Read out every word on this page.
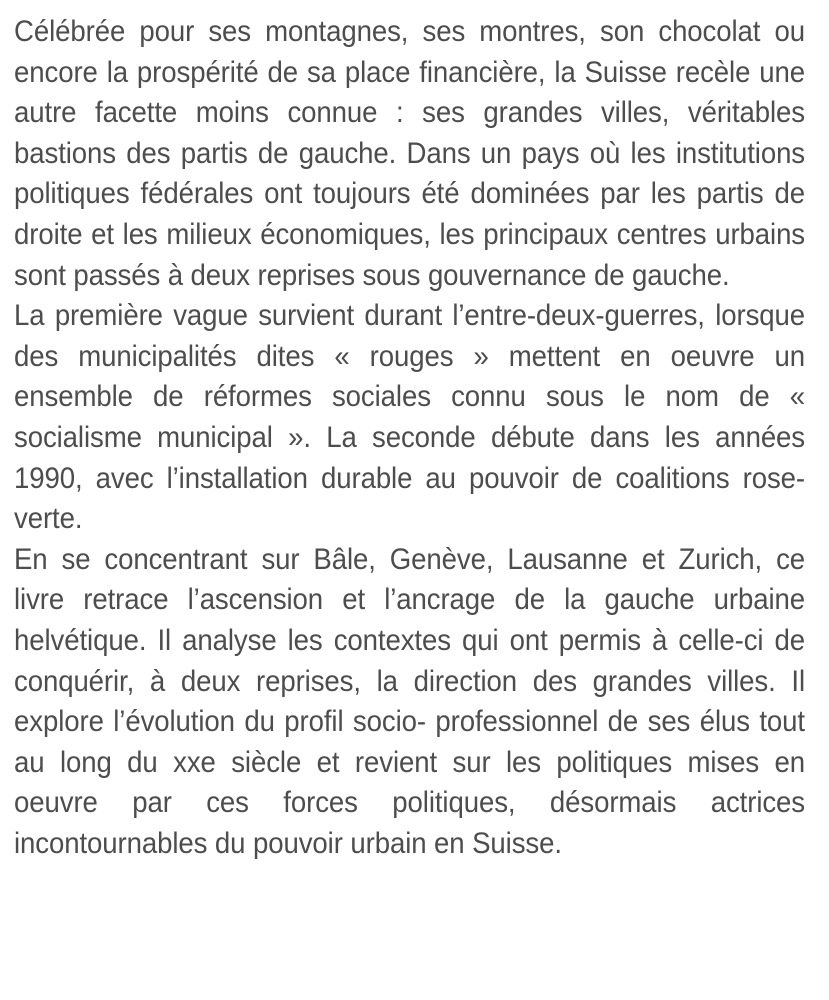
Célébrée pour ses montagnes, ses montres, son chocolat ou encore la prospérité de sa place financière, la Suisse recèle une autre facette moins connue : ses grandes villes, véritables bastions des partis de gauche. Dans un pays où les institutions politiques fédérales ont toujours été dominées par les partis de droite et les milieux économiques, les principaux centres urbains sont passés à deux reprises sous gouvernance de gauche.

La première vague survient durant l’entre-deux-guerres, lorsque des municipalités dites « rouges » mettent en oeuvre un ensemble de réformes sociales connu sous le nom de « socialisme municipal ». La seconde débute dans les années 1990, avec l’installation durable au pouvoir de coalitions rose-verte.

En se concentrant sur Bâle, Genève, Lausanne et Zurich, ce livre retrace l’ascension et l’ancrage de la gauche urbaine helvétique. Il analyse les contextes qui ont permis à celle-ci de conquérir, à deux reprises, la direction des grandes villes. Il explore l’évolution du profil socio- professionnel de ses élus tout au long du xxe siècle et revient sur les politiques mises en oeuvre par ces forces politiques, désormais actrices incontournables du pouvoir urbain en Suisse.
